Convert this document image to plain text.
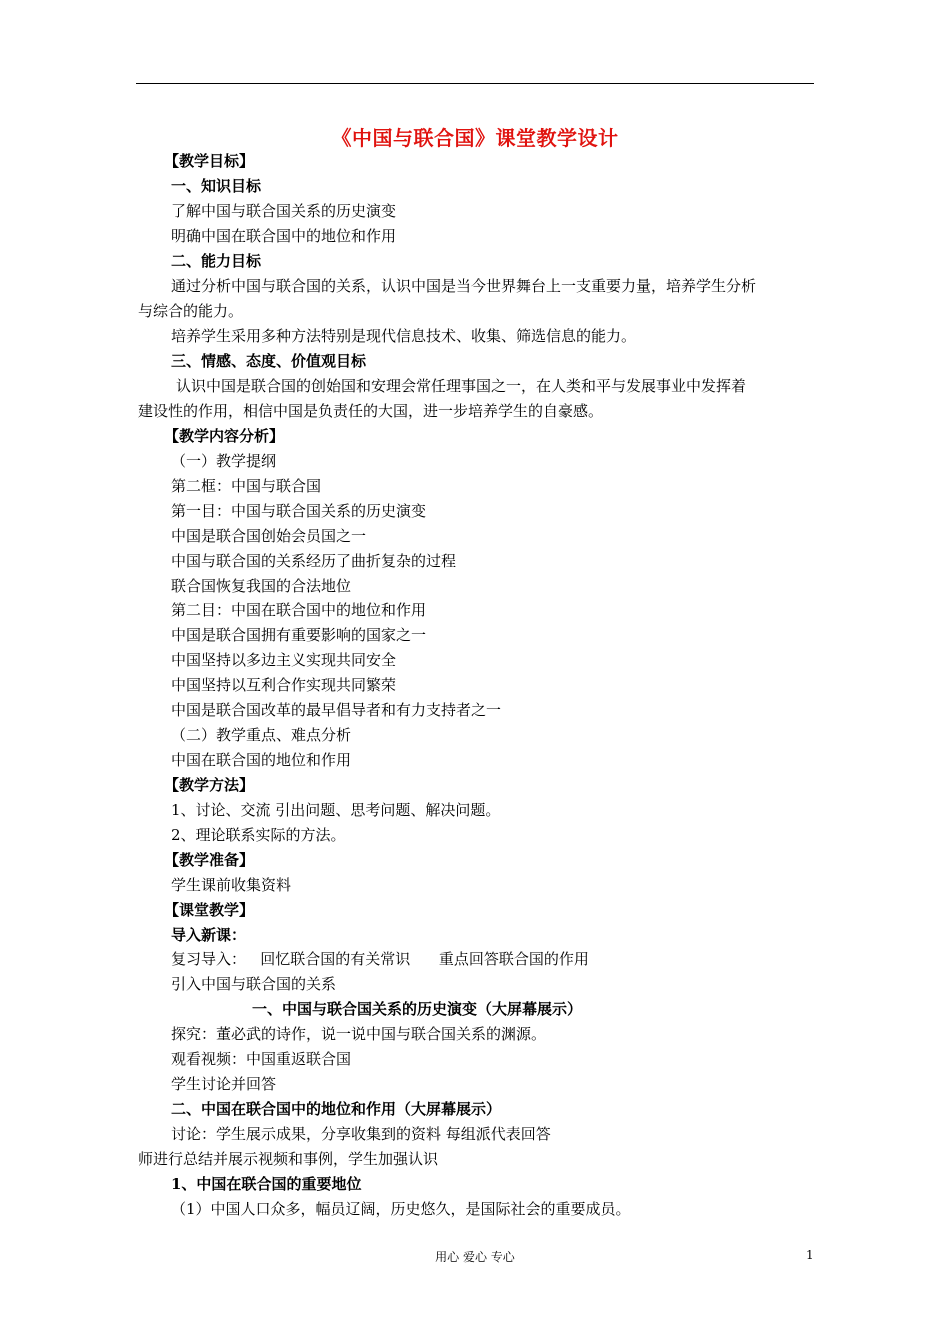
《中国与联合国》课堂教学设计
【教学目标】
一、知识目标
了解中国与联合国关系的历史演变
明确中国在联合国中的地位和作用
二、能力目标
通过分析中国与联合国的关系，认识中国是当今世界舞台上一支重要力量，培养学生分析
与综合的能力。
培养学生采用多种方法特别是现代信息技术、收集、筛选信息的能力。
三、情感、态度、价值观目标
认识中国是联合国的创始国和安理会常任理事国之一，在人类和平与发展事业中发挥着
建设性的作用，相信中国是负责任的大国，进一步培养学生的自豪感。
【教学内容分析】
（一）教学提纲
第二框：中国与联合国
第一目：中国与联合国关系的历史演变
中国是联合国创始会员国之一
中国与联合国的关系经历了曲折复杂的过程
联合国恢复我国的合法地位
第二目：中国在联合国中的地位和作用
中国是联合国拥有重要影响的国家之一
中国坚持以多边主义实现共同安全
中国坚持以互利合作实现共同繁荣
中国是联合国改革的最早倡导者和有力支持者之一
（二）教学重点、难点分析
中国在联合国的地位和作用
【教学方法】
1、讨论、交流 引出问题、思考问题、解决问题。
2、理论联系实际的方法。
【教学准备】
学生课前收集资料
【课堂教学】
导入新课：
复习导入：   回忆联合国的有关常识      重点回答联合国的作用
引入中国与联合国的关系
一、中国与联合国关系的历史演变（大屏幕展示）
探究：董必武的诗作，说一说中国与联合国关系的渊源。
观看视频：中国重返联合国
学生讨论并回答
二、中国在联合国中的地位和作用（大屏幕展示）
讨论：学生展示成果，分享收集到的资料 每组派代表回答
师进行总结并展示视频和事例，学生加强认识
1、中国在联合国的重要地位
（1）中国人口众多，幅员辽阔，历史悠久，是国际社会的重要成员。
用心 爱心 专心	1
